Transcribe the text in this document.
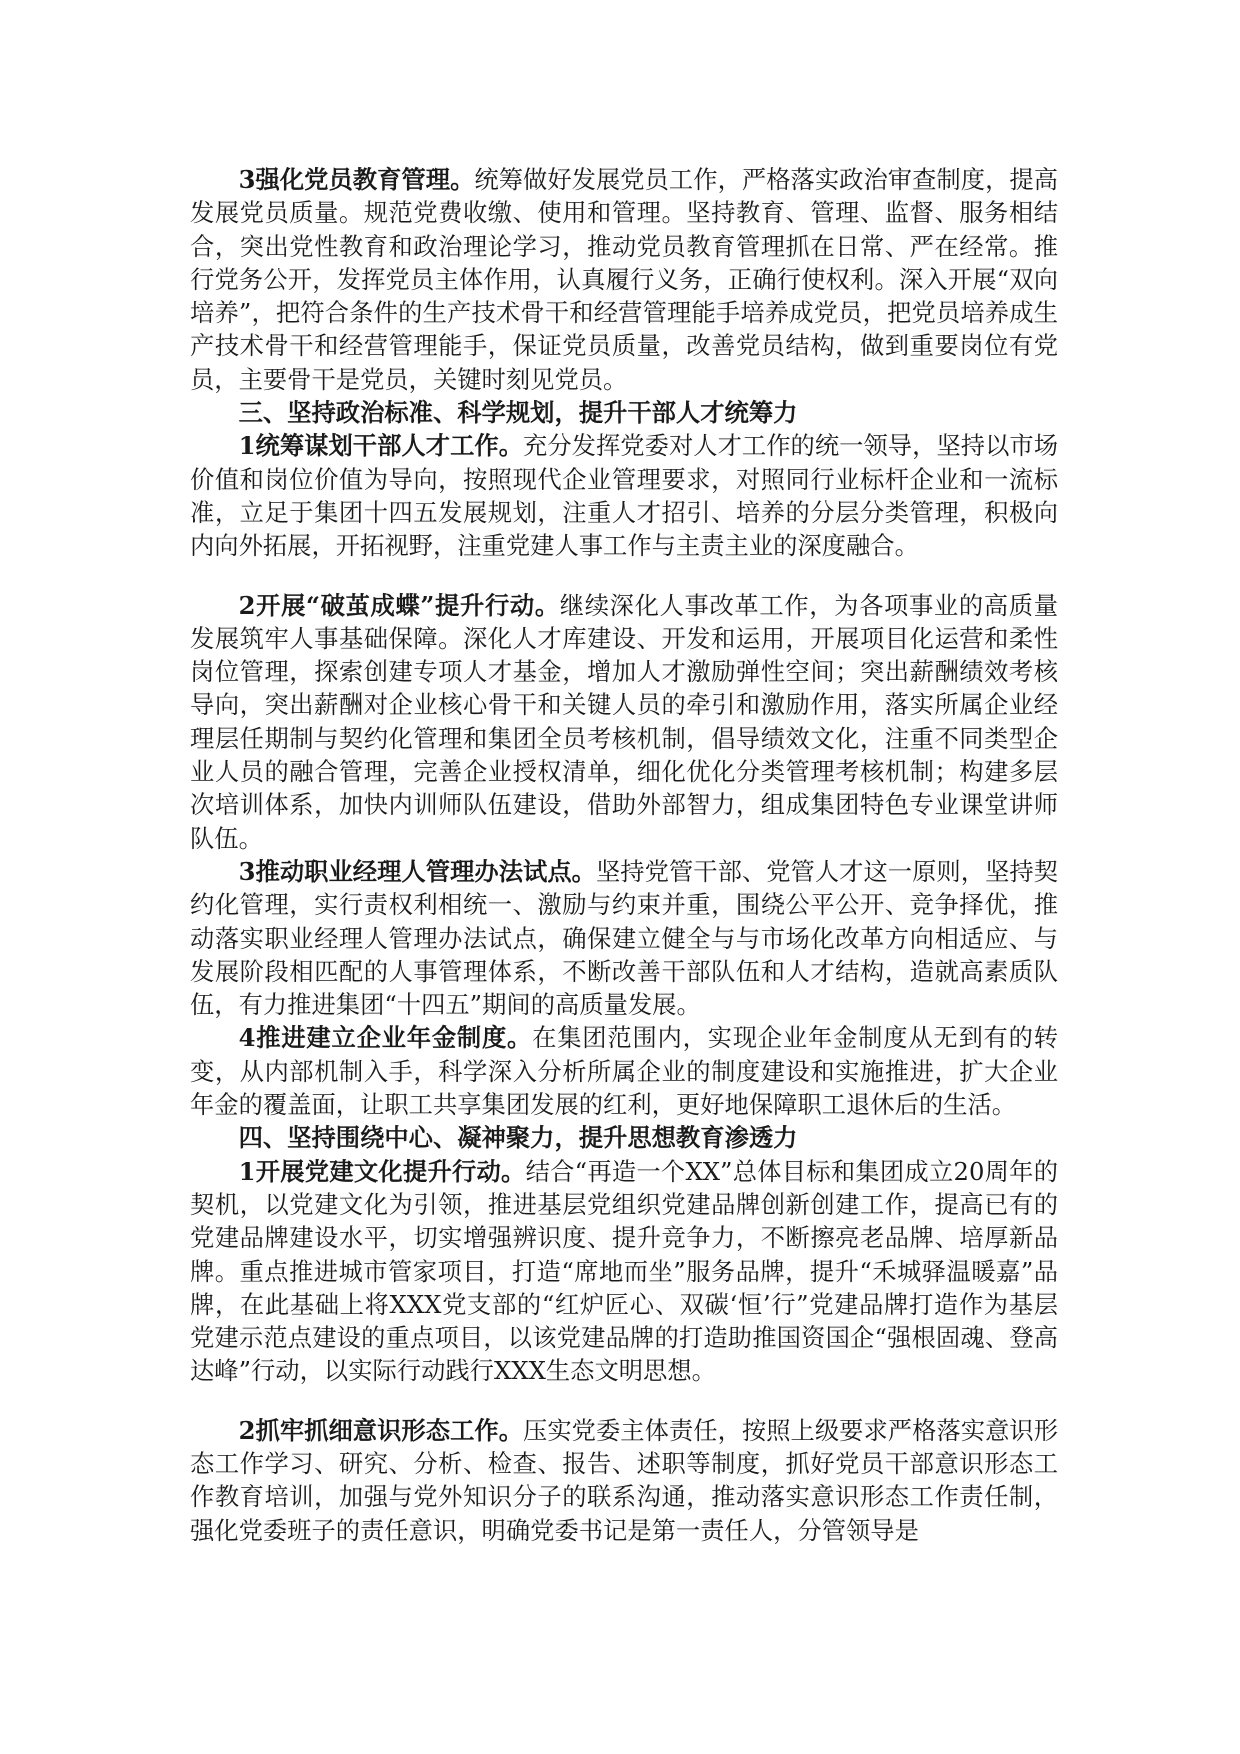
3强化党员教育管理。统筹做好发展党员工作，严格落实政治审查制度，提高发展党员质量。规范党费收缴、使用和管理。坚持教育、管理、监督、服务相结合，突出党性教育和政治理论学习，推动党员教育管理抓在日常、严在经常。推行党务公开，发挥党员主体作用，认真履行义务，正确行使权利。深入开展“双向培养”，把符合条件的生产技术骨干和经营管理能手培养成党员，把党员培养成生产技术骨干和经营管理能手，保证党员质量，改善党员结构，做到重要岗位有党员，主要骨干是党员，关键时刻见党员。

三、坚持政治标准、科学规划，提升干部人才统筹力

1统筹谋划干部人才工作。充分发挥党委对人才工作的统一领导，坚持以市场价值和岗位价值为导向，按照现代企业管理要求，对照同行业标杆企业和一流标准，立足于集团十四五发展规划，注重人才招引、培养的分层分类管理，积极向内向外拓展，开拓视野，注重党建人事工作与主责主业的深度融合。

2开展“破茧成蝶”提升行动。继续深化人事改革工作，为各项事业的高质量发展筑牢人事基础保障。深化人才库建设、开发和运用，开展项目化运营和柔性岗位管理，探索创建专项人才基金，增加人才激励弹性空间；突出薪酬绩效考核导向，突出薪酬对企业核心骨干和关键人员的牵引和激励作用，落实所属企业经理层任期制与契约化管理和集团全员考核机制，倡导绩效文化，注重不同类型企业人员的融合管理，完善企业授权清单，细化优化分类管理考核机制；构建多层次培训体系，加快内训师队伍建设，借助外部智力，组成集团特色专业课堂讲师队伍。

3推动职业经理人管理办法试点。坚持党管干部、党管人才这一原则，坚持契约化管理，实行责权利相统一、激励与约束并重，围绕公平公开、竞争择优，推动落实职业经理人管理办法试点，确保建立健全与与市场化改革方向相适应、与发展阶段相匹配的人事管理体系，不断改善干部队伍和人才结构，造就高素质队伍，有力推进集团“十四五”期间的高质量发展。

4推进建立企业年金制度。在集团范围内，实现企业年金制度从无到有的转变，从内部机制入手，科学深入分析所属企业的制度建设和实施推进，扩大企业年金的覆盖面，让职工共享集团发展的红利，更好地保障职工退休后的生活。

四、坚持围绕中心、凝神聚力，提升思想教育渗透力

1开展党建文化提升行动。结合“再造一个XX”总体目标和集团成立20周年的契机，以党建文化为引领，推进基层党组织党建品牌创新创建工作，提高已有的党建品牌建设水平，切实增强辨识度、提升竞争力，不断擦亮老品牌、培厚新品牌。重点推进城市管家项目，打造“席地而坐”服务品牌，提升“禾城驿温暖嘉”品牌，在此基础上将XXX党支部的“红炉匠心、双碳‘恒’行”党建品牌打造作为基层党建示范点建设的重点项目，以该党建品牌的打造助推国资国企“强根固魂、登高达峰”行动，以实际行动践行XXX生态文明思想。

2抓牢抓细意识形态工作。压实党委主体责任，按照上级要求严格落实意识形态工作学习、研究、分析、检查、报告、述职等制度，抓好党员干部意识形态工作教育培训，加强与党外知识分子的联系沟通，推动落实意识形态工作责任制，强化党委班子的责任意识，明确党委书记是第一责任人，分管领导是
